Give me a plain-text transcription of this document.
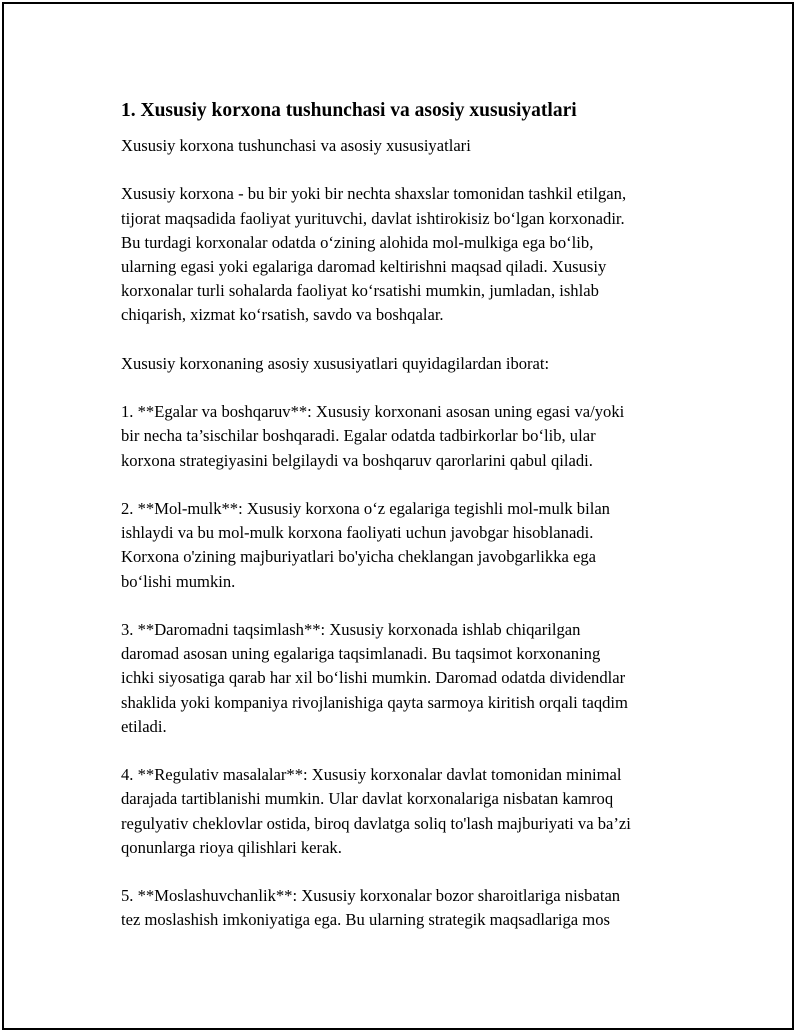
1. Xususiy korxona tushunchasi va asosiy xususiyatlari
Xususiy korxona tushunchasi va asosiy xususiyatlari
Xususiy korxona - bu bir yoki bir nechta shaxslar tomonidan tashkil etilgan,
tijorat maqsadida faoliyat yurituvchi, davlat ishtirokisiz bo‘lgan korxonadir.
Bu turdagi korxonalar odatda o‘zining alohida mol-mulkiga ega bo‘lib,
ularning egasi yoki egalariga daromad keltirishni maqsad qiladi. Xususiy
korxonalar turli sohalarda faoliyat ko‘rsatishi mumkin, jumladan, ishlab
chiqarish, xizmat ko‘rsatish, savdo va boshqalar.
Xususiy korxonaning asosiy xususiyatlari quyidagilardan iborat:
1. **Egalar va boshqaruv**: Xususiy korxonani asosan uning egasi va/yoki
bir necha ta’sischilar boshqaradi. Egalar odatda tadbirkorlar bo‘lib, ular
korxona strategiyasini belgilaydi va boshqaruv qarorlarini qabul qiladi.
2. **Mol-mulk**: Xususiy korxona o‘z egalariga tegishli mol-mulk bilan
ishlaydi va bu mol-mulk korxona faoliyati uchun javobgar hisoblanadi.
Korxona o'zining majburiyatlari bo'yicha cheklangan javobgarlikka ega
bo‘lishi mumkin.
3. **Daromadni taqsimlash**: Xususiy korxonada ishlab chiqarilgan
daromad asosan uning egalariga taqsimlanadi. Bu taqsimot korxonaning
ichki siyosatiga qarab har xil bo‘lishi mumkin. Daromad odatda dividendlar
shaklida yoki kompaniya rivojlanishiga qayta sarmoya kiritish orqali taqdim
etiladi.
4. **Regulativ masalalar**: Xususiy korxonalar davlat tomonidan minimal
darajada tartiblanishi mumkin. Ular davlat korxonalariga nisbatan kamroq
regulyativ cheklovlar ostida, biroq davlatga soliq to'lash majburiyati va ba’zi
qonunlarga rioya qilishlari kerak.
5. **Moslashuvchanlik**: Xususiy korxonalar bozor sharoitlariga nisbatan
tez moslashish imkoniyatiga ega. Bu ularning strategik maqsadlariga mos
